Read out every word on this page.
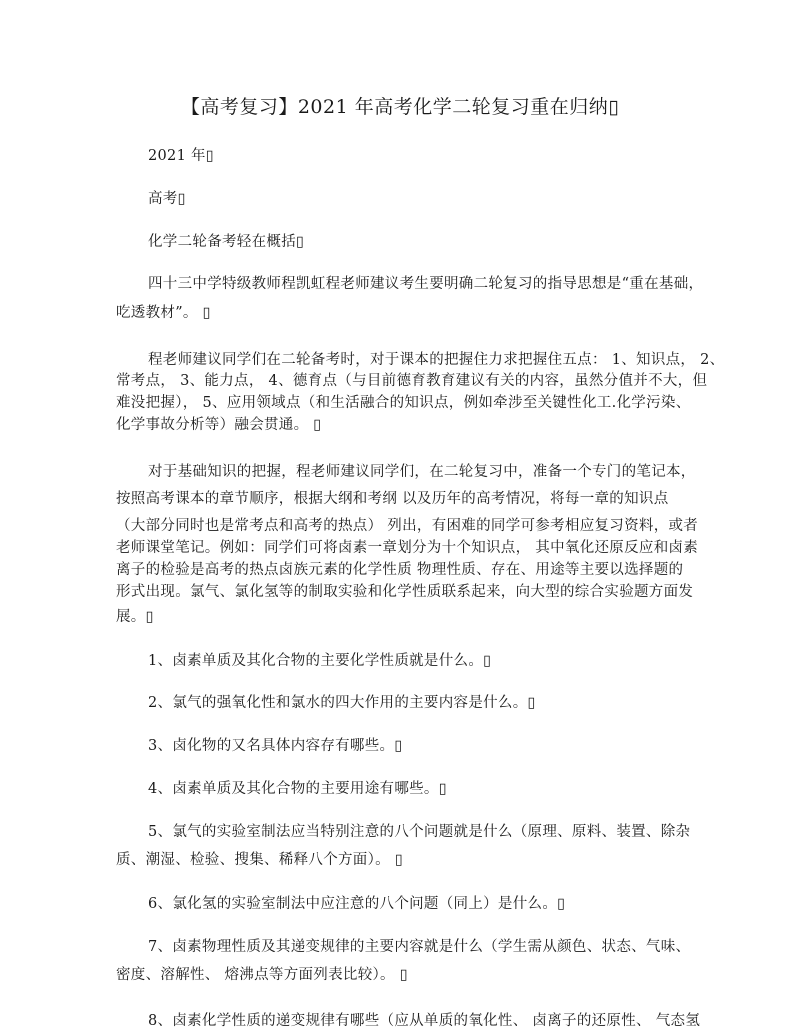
【高考复习】2021 年高考化学二轮复习重在归纳▯
2021 年▯
高考▯
化学二轮备考轻在概括▯
四十三中学特级教师程凯虹程老师建议考生要明确二轮复习的指导思想是“重在基础，
吃透教材”。 ▯
程老师建议同学们在二轮备考时，对于课本的把握住力求把握住五点： 1、知识点， 2、
常考点， 3、能力点， 4、德育点（与目前德育教育建议有关的内容，虽然分值并不大，但
难没把握）， 5、应用领域点（和生活融合的知识点，例如牵涉至关键性化工.化学污染、
化学事故分析等）融会贯通。 ▯
对于基础知识的把握，程老师建议同学们，在二轮复习中，准备一个专门的笔记本，
按照高考课本的章节顺序，根据大纲和考纲 以及历年的高考情况，将每一章的知识点
（大部分同时也是常考点和高考的热点） 列出，有困难的同学可参考相应复习资料，或者
老师课堂笔记。例如：同学们可将卤素一章划分为十个知识点， 其中氧化还原反应和卤素
离子的检验是高考的热点卤族元素的化学性质 物理性质、存在、用途等主要以选择题的
形式出现。氯气、氯化氢等的制取实验和化学性质联系起来，向大型的综合实验题方面发
展。▯
1、卤素单质及其化合物的主要化学性质就是什么。▯
2、氯气的强氧化性和氯水的四大作用的主要内容是什么。▯
3、卤化物的又名具体内容存有哪些。▯
4、卤素单质及其化合物的主要用途有哪些。▯
5、氯气的实验室制法应当特别注意的八个问题就是什么（原理、原料、装置、除杂
质、潮湿、检验、搜集、稀释八个方面）。 ▯
6、氯化氢的实验室制法中应注意的八个问题（同上）是什么。▯
7、卤素物理性质及其递变规律的主要内容就是什么（学生需从颜色、状态、气味、
密度、溶解性、 熔沸点等方面列表比较）。 ▯
8、卤素化学性质的递变规律有哪些（应从单质的氧化性、 卤离子的还原性、 气态氢
